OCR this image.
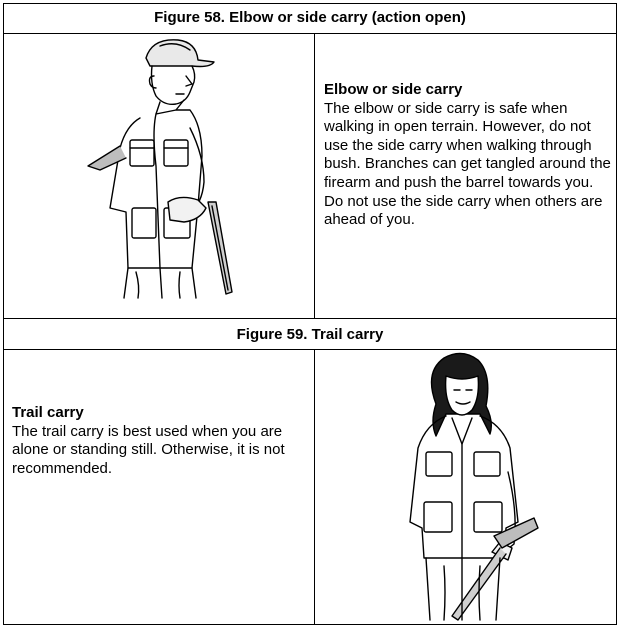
Figure 58. Elbow or side carry (action open)
Elbow or side carry
The elbow or side carry is safe when walking in open terrain. However, do not use the side carry when walking through bush. Branches can get tangled around the firearm and push the barrel towards you. Do not use the side carry when others are ahead of you.
Figure 59. Trail carry
Trail carry
The trail carry is best used when you are alone or standing still. Otherwise, it is not recommended.
